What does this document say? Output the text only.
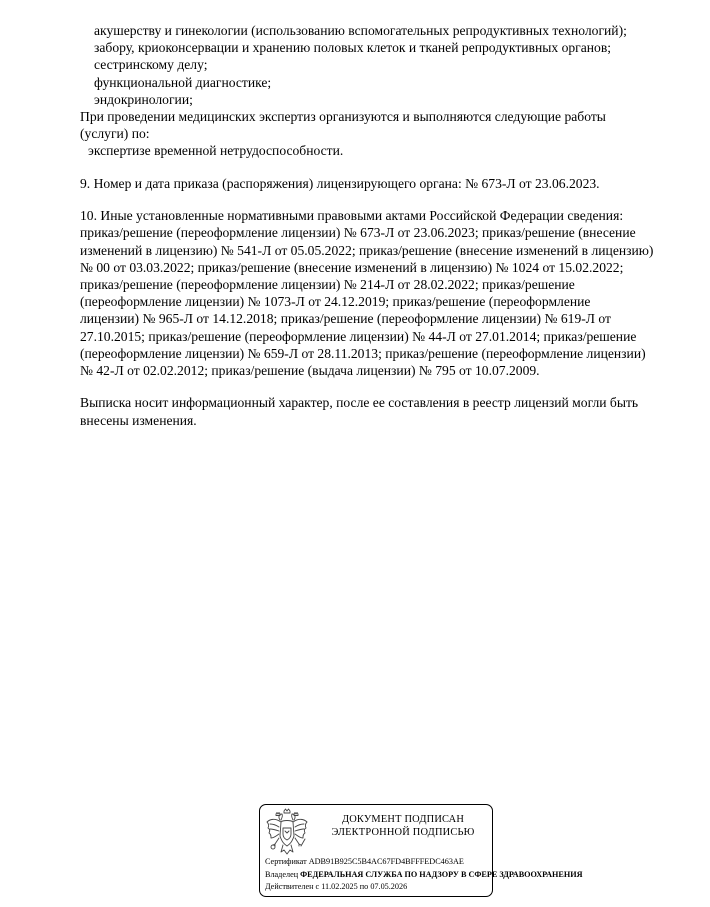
акушерству и гинекологии (использованию вспомогательных репродуктивных технологий);
забору, криоконсервации и хранению половых клеток и тканей репродуктивных органов;
сестринскому делу;
функциональной диагностике;
эндокринологии;
При проведении медицинских экспертиз организуются и выполняются следующие работы
(услуги) по:
экспертизе временной нетрудоспособности.
9. Номер и дата приказа (распоряжения) лицензирующего органа: № 673-Л от 23.06.2023.
10. Иные установленные нормативными правовыми актами Российской Федерации сведения:
приказ/решение (переоформление лицензии) № 673-Л от 23.06.2023; приказ/решение (внесение
изменений в лицензию) № 541-Л от 05.05.2022; приказ/решение (внесение изменений в лицензию)
№ 00 от 03.03.2022; приказ/решение (внесение изменений в лицензию) № 1024 от 15.02.2022;
приказ/решение (переоформление лицензии) № 214-Л от 28.02.2022; приказ/решение
(переоформление лицензии) № 1073-Л от 24.12.2019; приказ/решение (переоформление
лицензии) № 965-Л от 14.12.2018; приказ/решение (переоформление лицензии) № 619-Л от
27.10.2015; приказ/решение (переоформление лицензии) № 44-Л от 27.01.2014; приказ/решение
(переоформление лицензии) № 659-Л от 28.11.2013; приказ/решение (переоформление лицензии)
№ 42-Л от 02.02.2012; приказ/решение (выдача лицензии) № 795 от 10.07.2009.
Выписка носит информационный характер, после ее составления в реестр лицензий могли быть
внесены изменения.
ДОКУМЕНТ ПОДПИСАН
ЭЛЕКТРОННОЙ ПОДПИСЬЮ
Сертификат ADB91B925C5B4AC67FD4BFFFEDC463AE
Владелец ФЕДЕРАЛЬНАЯ СЛУЖБА ПО НАДЗОРУ В СФЕРЕ ЗДРАВООХРАНЕНИЯ
Действителен с 11.02.2025 по 07.05.2026
